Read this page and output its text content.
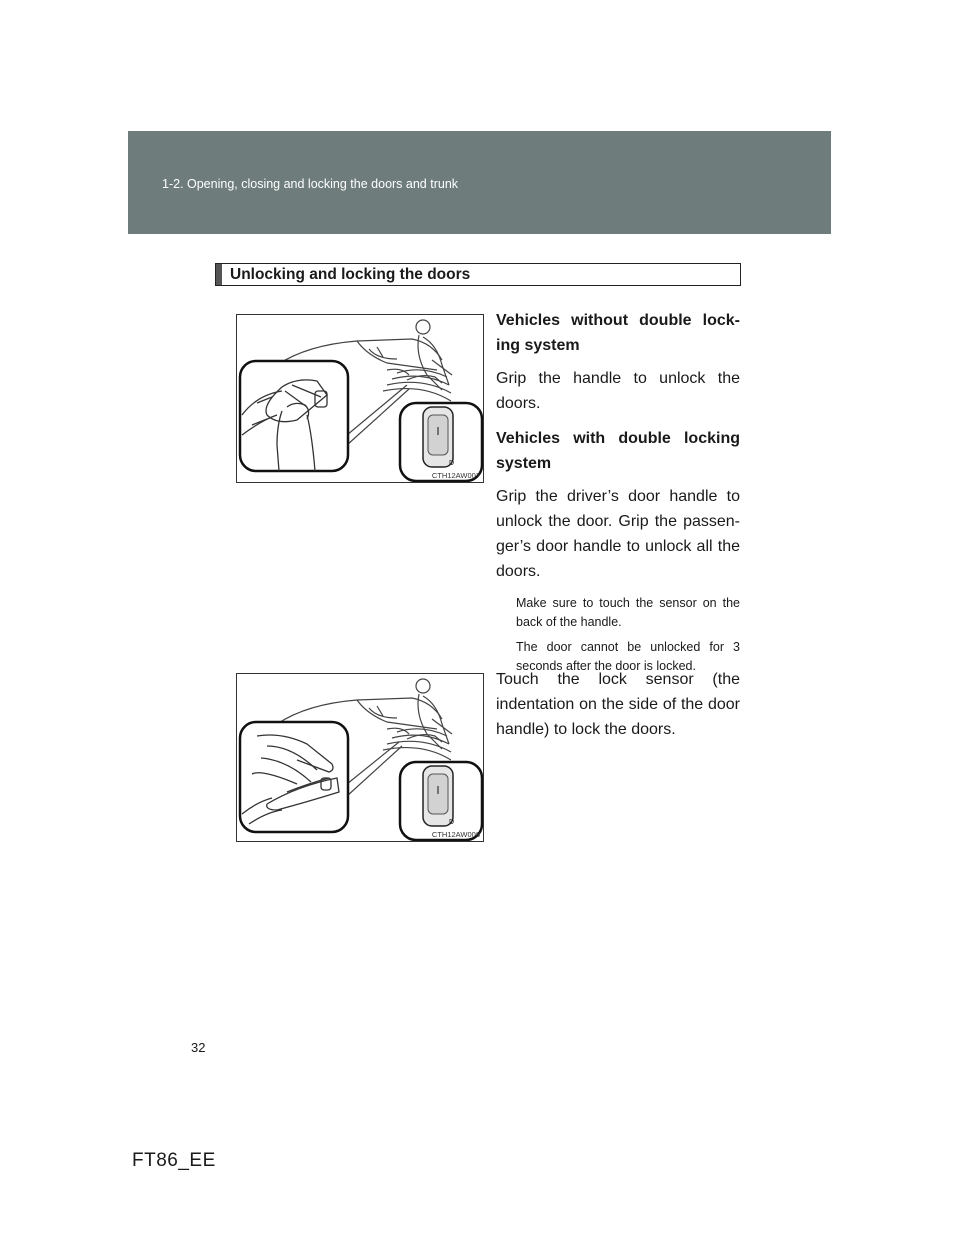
1-2. Opening, closing and locking the doors and trunk
Unlocking and locking the doors
D
CTH12AW007
D
CTH12AW008

Vehicles without double lock-ing system

Grip the handle to unlock the doors.

Vehicles with double locking system

Grip the driver’s door handle to unlock the door. Grip the passen-ger’s door handle to unlock all the doors.

Make sure to touch the sensor on the back of the handle.

The door cannot be unlocked for 3 seconds after the door is locked.

Touch the lock sensor (the indentation on the side of the door handle) to lock the doors.

32
FT86_EE
